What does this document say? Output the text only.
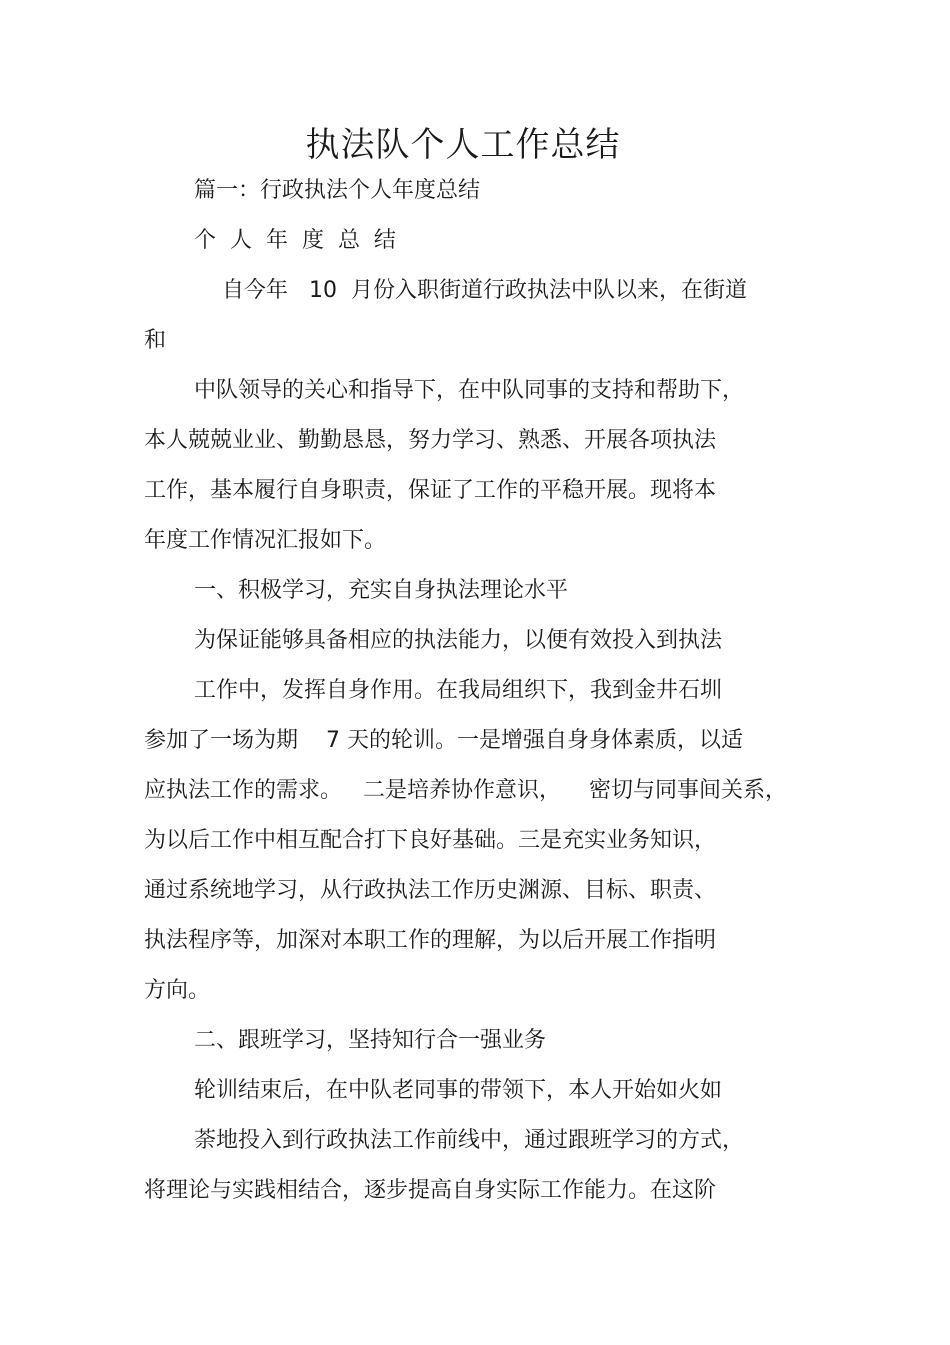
执法队个人工作总结
篇一：行政执法个人年度总结
个  人  年  度  总  结
自今年   10  月份入职街道行政执法中队以来，在街道
和
中队领导的关心和指导下，在中队同事的支持和帮助下，
本人兢兢业业、勤勤恳恳，努力学习、熟悉、开展各项执法
工作，基本履行自身职责，保证了工作的平稳开展。现将本
年度工作情况汇报如下。
一、积极学习，充实自身执法理论水平
为保证能够具备相应的执法能力，以便有效投入到执法
工作中，发挥自身作用。在我局组织下，我到金井石圳
参加了一场为期    7 天的轮训。一是增强自身身体素质，以适
应执法工作的需求。   二是培养协作意识，    密切与同事间关系，
为以后工作中相互配合打下良好基础。三是充实业务知识，
通过系统地学习，从行政执法工作历史渊源、目标、职责、
执法程序等，加深对本职工作的理解，为以后开展工作指明
方向。
二、跟班学习，坚持知行合一强业务
轮训结束后，在中队老同事的带领下，本人开始如火如
荼地投入到行政执法工作前线中，通过跟班学习的方式，
将理论与实践相结合，逐步提高自身实际工作能力。在这阶
